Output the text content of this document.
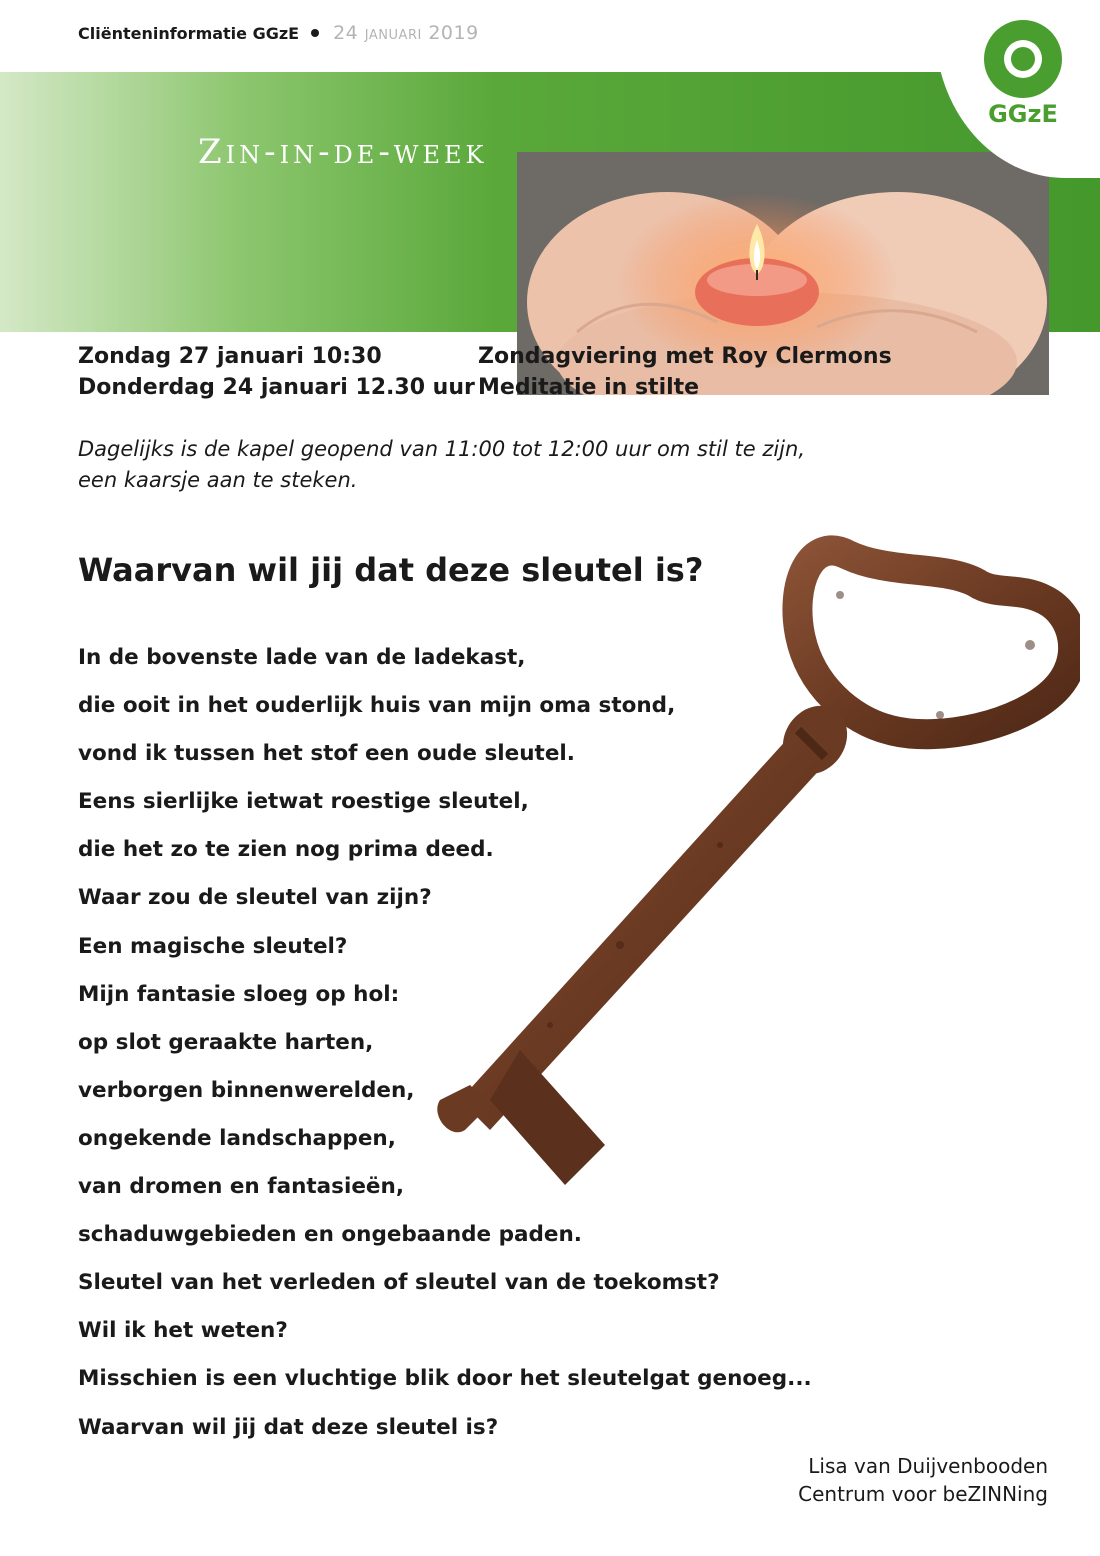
Cliënteninformatie GGzE 24 januari 2019
Zin-in-de-week
GGzE
Zondag 27 januari 10:30
Donderdag 24 januari 12.30 uur
Zondagviering met Roy Clermons
Meditatie in stilte
Dagelijks is de kapel geopend van 11:00 tot 12:00 uur om stil te zijn,
een kaarsje aan te steken.
Waarvan wil jij dat deze sleutel is?
In de bovenste lade van de ladekast,
die ooit in het ouderlijk huis van mijn oma stond,
vond ik tussen het stof een oude sleutel.
Eens sierlijke ietwat roestige sleutel,
die het zo te zien nog prima deed.
Waar zou de sleutel van zijn?
Een magische sleutel?
Mijn fantasie sloeg op hol:
op slot geraakte harten,
verborgen binnenwerelden,
ongekende landschappen,
van dromen en fantasieën,
schaduwgebieden en ongebaande paden.
Sleutel van het verleden of sleutel van de toekomst?
Wil ik het weten?
Misschien is een vluchtige blik door het sleutelgat genoeg...
Waarvan wil jij dat deze sleutel is?
Lisa van Duijvenbooden
Centrum voor beZINNing
